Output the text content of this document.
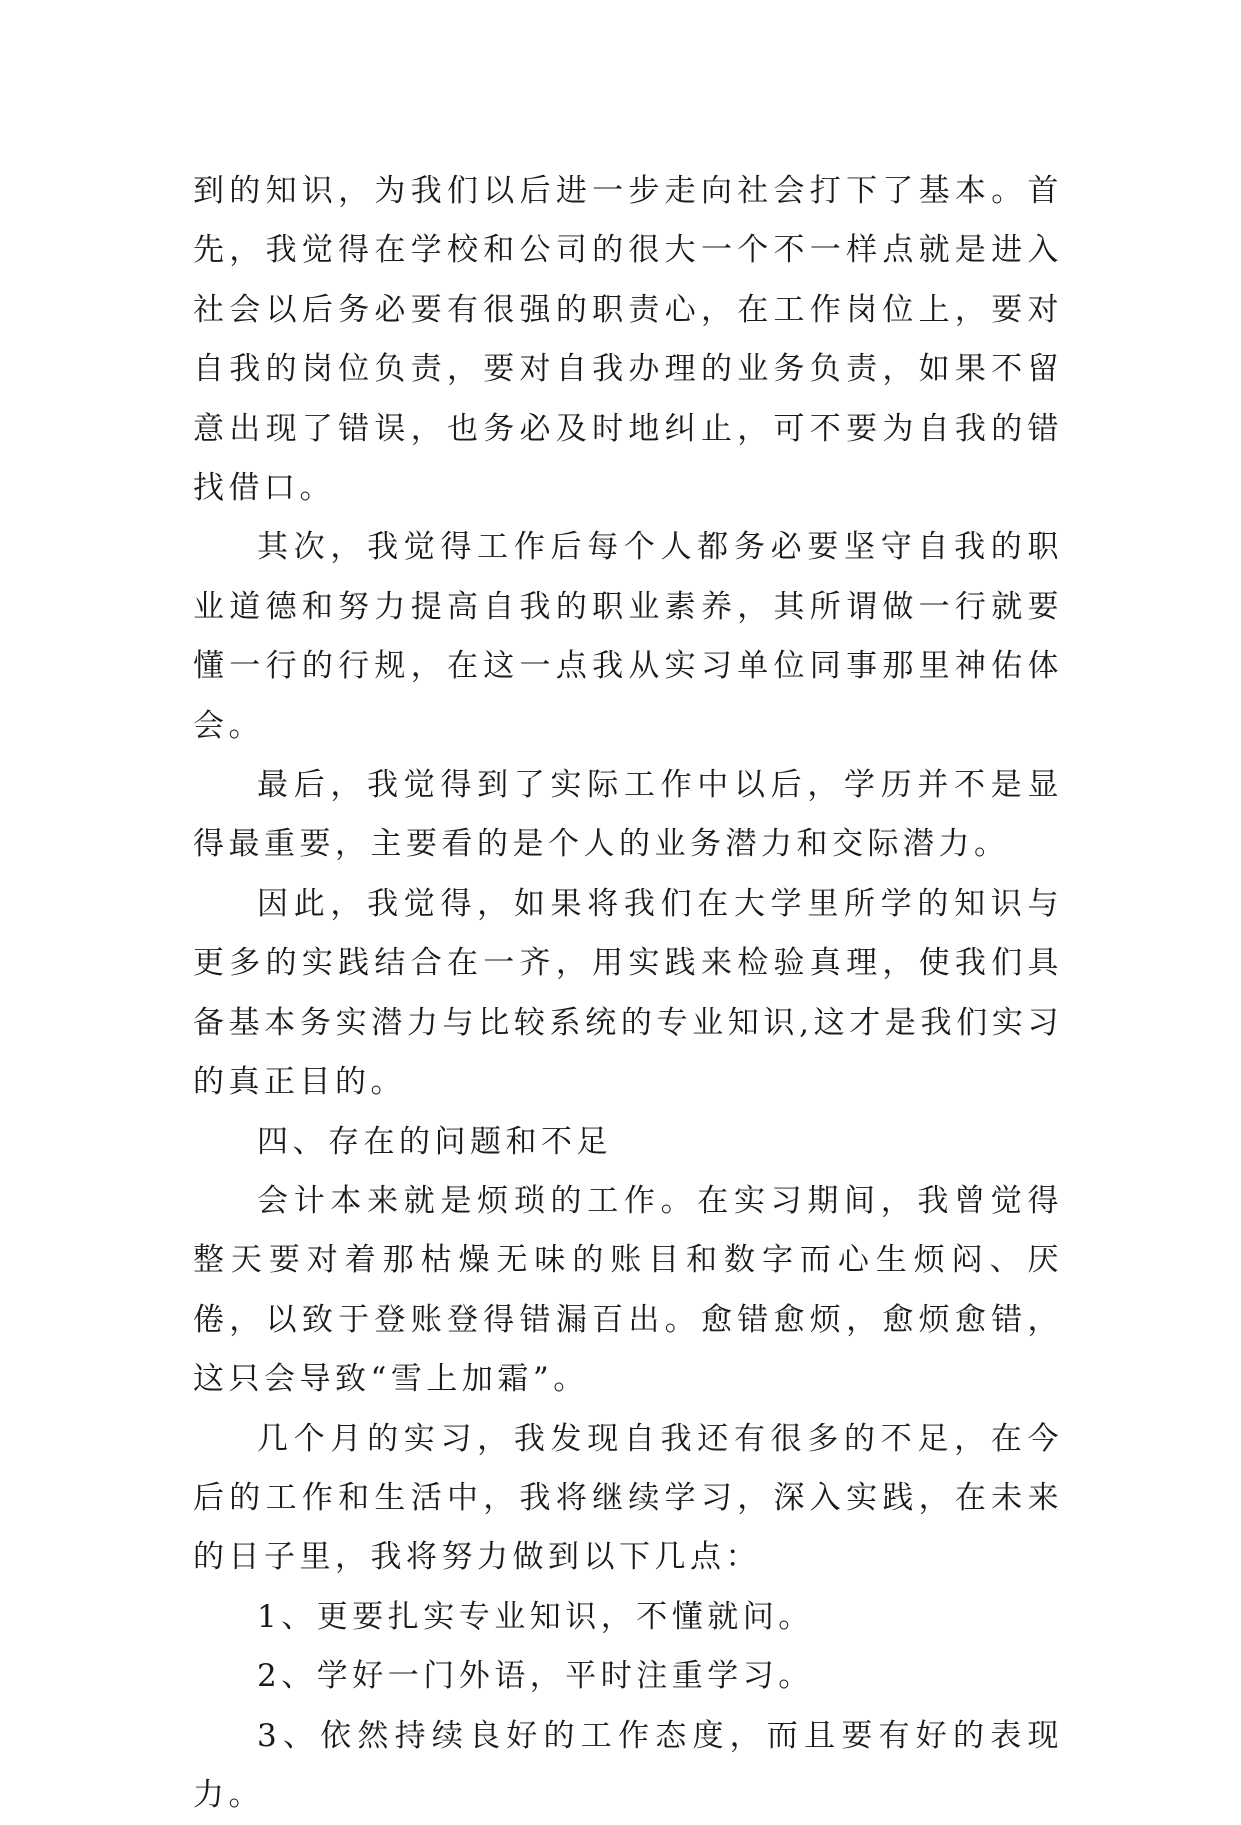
到的知识，为我们以后进一步走向社会打下了基本。首先，我觉得在学校和公司的很大一个不一样点就是进入社会以后务必要有很强的职责心，在工作岗位上，要对自我的岗位负责，要对自我办理的业务负责，如果不留意出现了错误，也务必及时地纠止，可不要为自我的错找借口。

其次，我觉得工作后每个人都务必要坚守自我的职业道德和努力提高自我的职业素养，其所谓做一行就要懂一行的行规，在这一点我从实习单位同事那里神佑体会。

最后，我觉得到了实际工作中以后，学历并不是显得最重要，主要看的是个人的业务潜力和交际潜力。

因此，我觉得，如果将我们在大学里所学的知识与更多的实践结合在一齐，用实践来检验真理，使我们具备基本务实潜力与比较系统的专业知识,这才是我们实习的真正目的。

四、存在的问题和不足

会计本来就是烦琐的工作。在实习期间，我曾觉得整天要对着那枯燥无味的账目和数字而心生烦闷、厌倦，以致于登账登得错漏百出。愈错愈烦，愈烦愈错，这只会导致“雪上加霜”。

几个月的实习，我发现自我还有很多的不足，在今后的工作和生活中，我将继续学习，深入实践，在未来的日子里，我将努力做到以下几点：

1、更要扎实专业知识，不懂就问。

2、学好一门外语，平时注重学习。

3、依然持续良好的工作态度，而且要有好的表现力。
